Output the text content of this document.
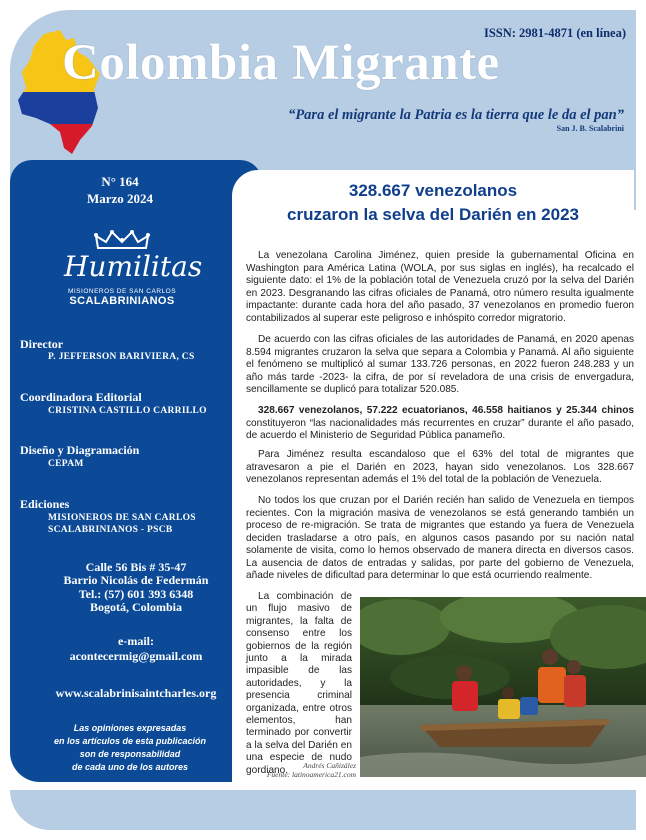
ISSN: 2981-4871 (en línea)
Colombia Migrante
“Para el migrante la Patria es la tierra que le da el pan”
San J. B. Scalabrini
N° 164
Marzo 2024
Humilitas
MISIONEROS DE SAN CARLOS
SCALABRINIANOS
Director
P. JEFFERSON BARIVIERA, CS
Coordinadora Editorial
CRISTINA CASTILLO CARRILLO
Diseño y Diagramación
CEPAM
Ediciones
MISIONEROS DE SAN CARLOS
SCALABRINIANOS - PSCB
Calle 56 Bis # 35-47
Barrio Nicolás de Federmán
Tel.: (57) 601 393 6348
Bogotá, Colombia
e-mail:
acontecermig@gmail.com
www.scalabrinisaintcharles.org
Las opiniones expresadas
en los artículos de esta publicación
son de responsabilidad
de cada uno de los autores
328.667 venezolanos
cruzaron la selva del Darién en 2023

La venezolana Carolina Jiménez, quien preside la gubernamental Oficina en Washington para América Latina (WOLA, por sus siglas en inglés), ha recalcado el siguiente dato: el 1% de la población total de Venezuela cruzó por la selva del Darién en 2023. Desgranando las cifras oficiales de Panamá, otro número resulta igualmente impactante: durante cada hora del año pasado, 37 venezolanos en promedio fueron contabilizados al superar este peligroso e inhóspito corredor migratorio.

De acuerdo con las cifras oficiales de las autoridades de Panamá, en 2020 apenas 8.594 migrantes cruzaron la selva que separa a Colombia y Panamá. Al año siguiente el fenómeno se multiplicó al sumar 133.726 personas, en 2022 fueron 248.283 y un año más tarde -2023- la cifra, de por sí reveladora de una crisis de envergadura, sencillamente se duplicó para totalizar 520.085.

328.667 venezolanos, 57.222 ecuatorianos, 46.558 haitianos y 25.344 chinos constituyeron “las nacionalidades más recurrentes en cruzar” durante el año pasado, de acuerdo el Ministerio de Seguridad Pública panameño.

Para Jiménez resulta escandaloso que el 63% del total de migrantes que atravesaron a pie el Darién en 2023, hayan sido venezolanos. Los 328.667 venezolanos representan además el 1% del total de la población de Venezuela.

No todos los que cruzan por el Darién recién han salido de Venezuela en tiempos recientes. Con la migración masiva de venezolanos se está generando también un proceso de re-migración. Se trata de migrantes que estando ya fuera de Venezuela deciden trasladarse a otro país, en algunos casos pasando por su nación natal solamente de visita, como lo hemos observado de manera directa en diversos casos. La ausencia de datos de entradas y salidas, por parte del gobierno de Venezuela, añade niveles de dificultad para determinar lo que está ocurriendo realmente.

La combinación de un flujo masivo de migrantes, la falta de consenso entre los gobiernos de la región junto a la mirada impasible de las autoridades, y la presencia criminal organizada, entre otros elementos, han terminado por convertir a la selva del Darién en una especie de nudo gordiano.	Andrés Cañizález
Fuente: latinoamerica21.com
